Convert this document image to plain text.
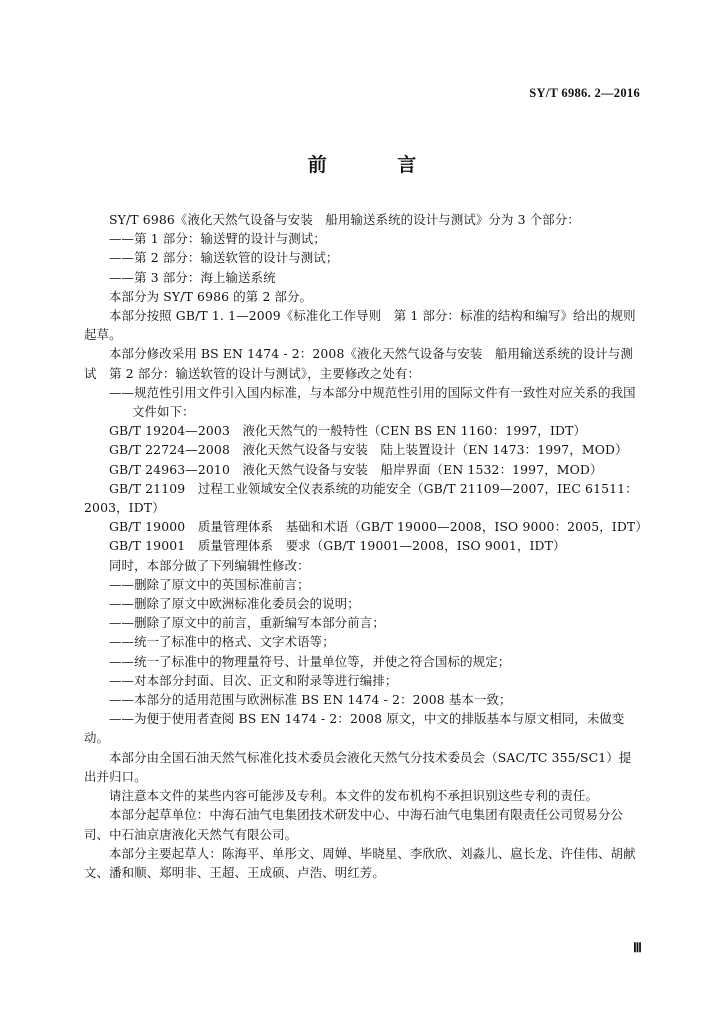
SY/T 6986. 2—2016
前 言

SY/T 6986《液化天然气设备与安装　船用输送系统的设计与测试》分为 3 个部分：

——第 1 部分：输送臂的设计与测试；

——第 2 部分：输送软管的设计与测试；

——第 3 部分：海上输送系统

本部分为 SY/T 6986 的第 2 部分。

本部分按照 GB/T 1. 1—2009《标准化工作导则　第 1 部分：标准的结构和编写》给出的规则起草。

本部分修改采用 BS EN 1474 - 2：2008《液化天然气设备与安装　船用输送系统的设计与测试　第 2 部分：输送软管的设计与测试》，主要修改之处有：

——规范性引用文件引入国内标准，与本部分中规范性引用的国际文件有一致性对应关系的我国文件如下：

GB/T 19204—2003　液化天然气的一般特性（CEN BS EN 1160：1997，IDT）

GB/T 22724—2008　液化天然气设备与安装　陆上装置设计（EN 1473：1997，MOD）

GB/T 24963—2010　液化天然气设备与安装　船岸界面（EN 1532：1997，MOD）

GB/T 21109　过程工业领域安全仪表系统的功能安全（GB/T 21109—2007，IEC 61511：2003，IDT）

GB/T 19000　质量管理体系　基础和术语（GB/T 19000—2008，ISO 9000：2005，IDT）

GB/T 19001　质量管理体系　要求（GB/T 19001—2008，ISO 9001，IDT）

同时，本部分做了下列编辑性修改：

——删除了原文中的英国标准前言；

——删除了原文中欧洲标准化委员会的说明；

——删除了原文中的前言，重新编写本部分前言；

——统一了标准中的格式、文字术语等；

——统一了标准中的物理量符号、计量单位等，并使之符合国标的规定；

——对本部分封面、目次、正文和附录等进行编排；

——本部分的适用范围与欧洲标准 BS EN 1474 - 2：2008 基本一致；

——为便于使用者查阅 BS EN 1474 - 2：2008 原文，中文的排版基本与原文相同，未做变动。

本部分由全国石油天然气标准化技术委员会液化天然气分技术委员会（SAC/TC 355/SC1）提出并归口。

请注意本文件的某些内容可能涉及专利。本文件的发布机构不承担识别这些专利的责任。

本部分起草单位：中海石油气电集团技术研发中心、中海石油气电集团有限责任公司贸易分公司、中石油京唐液化天然气有限公司。

本部分主要起草人：陈海平、单彤文、周婵、毕晓星、李欣欣、刘淼儿、扈长龙、许佳伟、胡献文、潘和顺、郑明非、王超、王成硕、卢浩、明红芳。

Ⅲ
